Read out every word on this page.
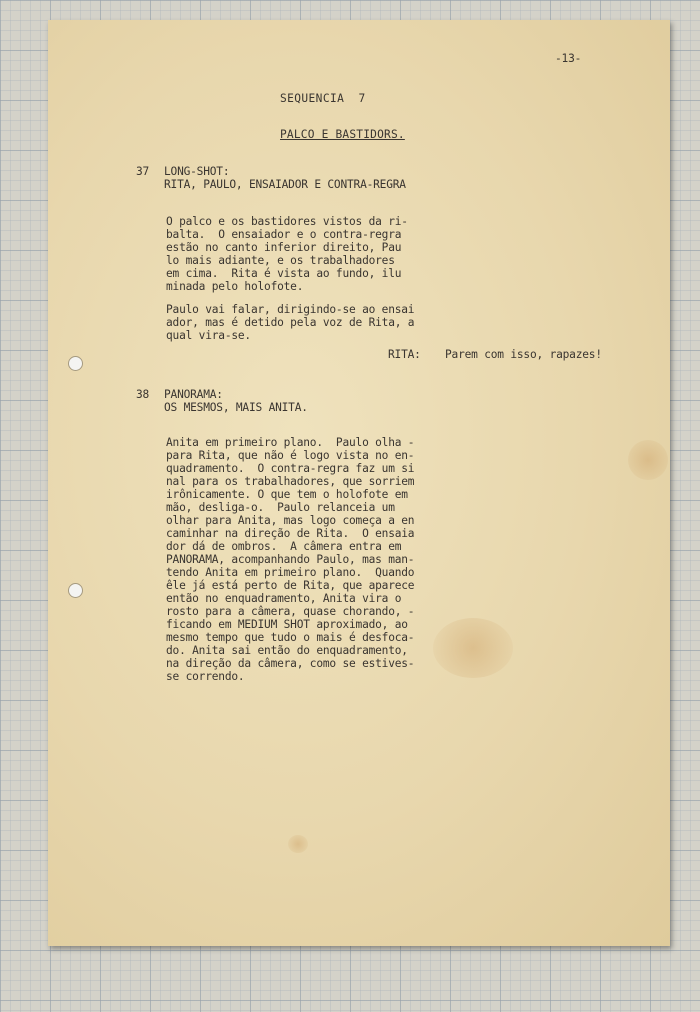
-13-
SEQUENCIA  7
PALCO E BASTIDORS.
37 LONG-SHOT:
RITA, PAULO, ENSAIADOR E CONTRA-REGRA
O palco e os bastidores vistos da ri-
balta.  O ensaiador e o contra-regra
estão no canto inferior direito, Pau
lo mais adiante, e os trabalhadores
em cima.  Rita é vista ao fundo, ilu
minada pelo holofote.
Paulo vai falar, dirigindo-se ao ensai
ador, mas é detido pela voz de Rita, a
qual vira-se.
RITA: Parem com isso, rapazes!
38 PANORAMA:
OS MESMOS, MAIS ANITA.
Anita em primeiro plano.  Paulo olha -
para Rita, que não é logo vista no en-
quadramento.  O contra-regra faz um si
nal para os trabalhadores, que sorriem
irônicamente. O que tem o holofote em
mão, desliga-o.  Paulo relanceia um
olhar para Anita, mas logo começa a en
caminhar na direção de Rita.  O ensaia
dor dá de ombros.  A câmera entra em
PANORAMA, acompanhando Paulo, mas man-
tendo Anita em primeiro plano.  Quando
êle já está perto de Rita, que aparece
então no enquadramento, Anita vira o
rosto para a câmera, quase chorando, -
ficando em MEDIUM SHOT aproximado, ao
mesmo tempo que tudo o mais é desfoca-
do. Anita sai então do enquadramento,
na direção da câmera, como se estives-
se correndo.
